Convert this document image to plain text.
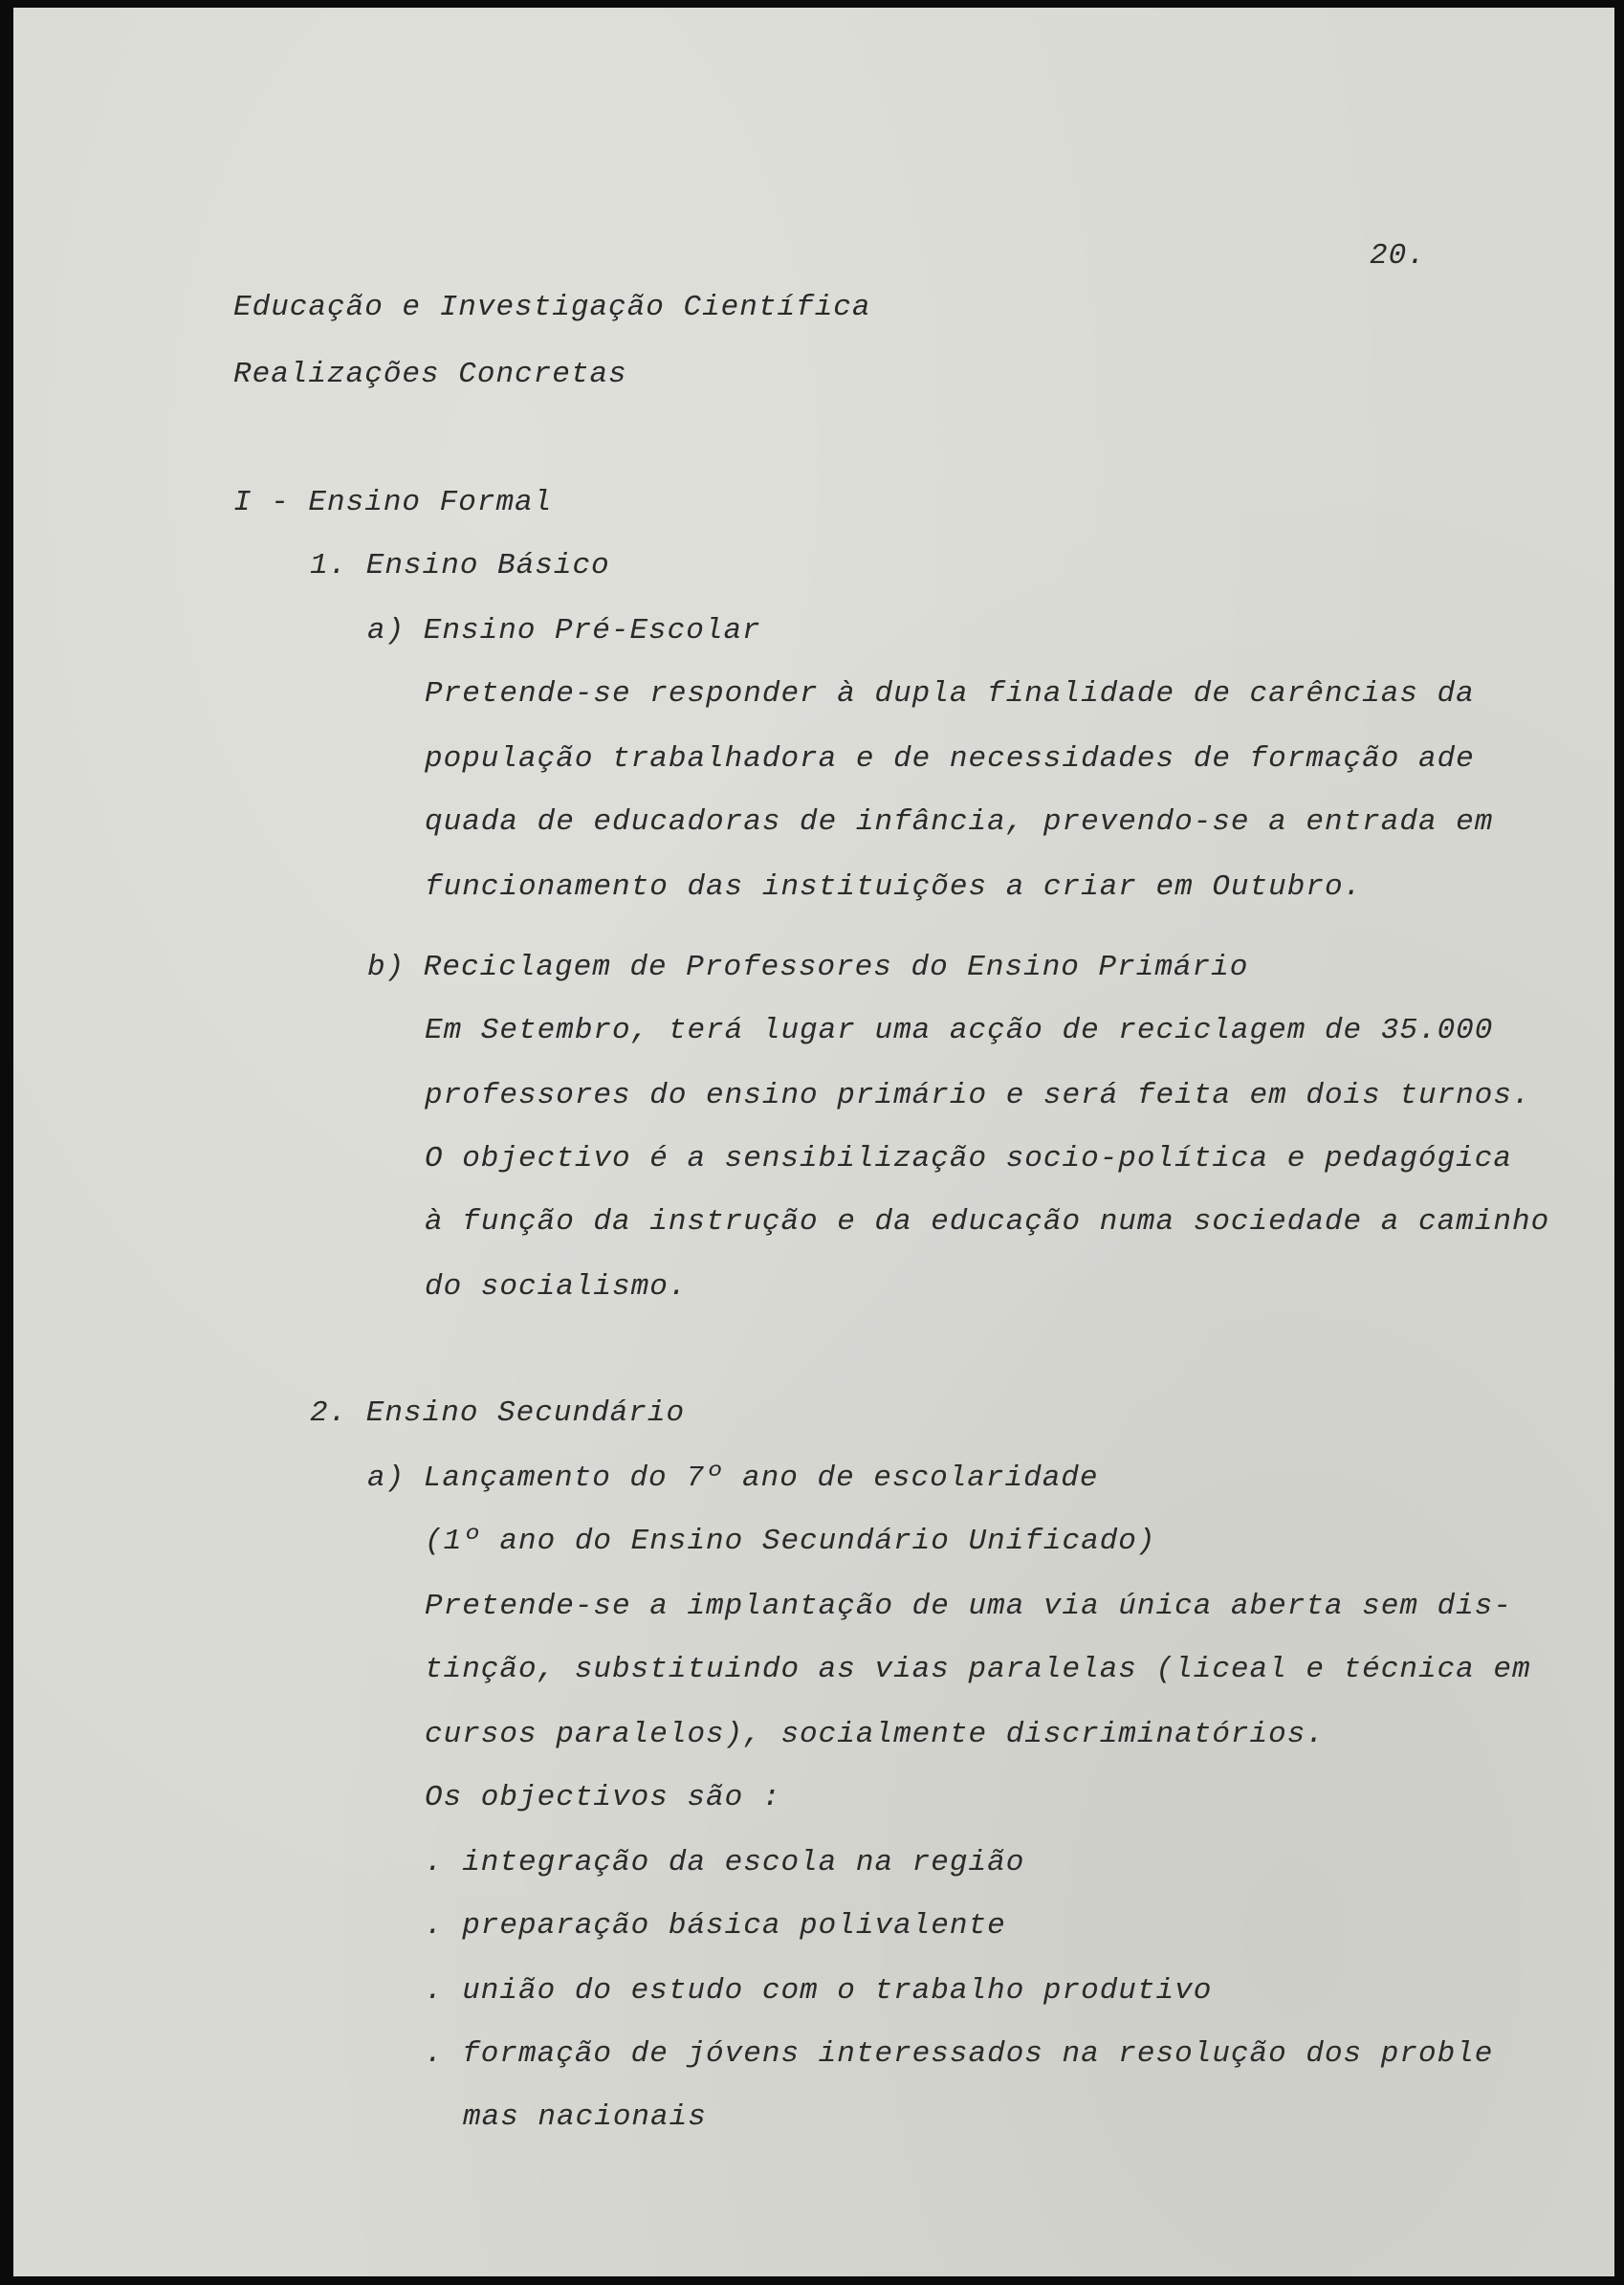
20.

Educação e Investigação Científica

Realizações Concretas

I - Ensino Formal

1. Ensino Básico

a) Ensino Pré-Escolar

Pretende-se responder à dupla finalidade de carências da

população trabalhadora e de necessidades de formação ade

quada de educadoras de infância, prevendo-se a entrada em

funcionamento das instituições a criar em Outubro.

b) Reciclagem de Professores do Ensino Primário

Em Setembro, terá lugar uma acção de reciclagem de 35.000

professores do ensino primário e será feita em dois turnos.

O objectivo é a sensibilização socio-política e pedagógica

à função da instrução e da educação numa sociedade a caminho

do socialismo.

2. Ensino Secundário

a) Lançamento do 7º ano de escolaridade

(1º ano do Ensino Secundário Unificado)

Pretende-se a implantação de uma via única aberta sem dis-

tinção, substituindo as vias paralelas (liceal e técnica em

cursos paralelos), socialmente discriminatórios.

Os objectivos são :

. integração da escola na região

. preparação básica polivalente

. união do estudo com o trabalho produtivo

. formação de jóvens interessados na resolução dos proble

mas nacionais
